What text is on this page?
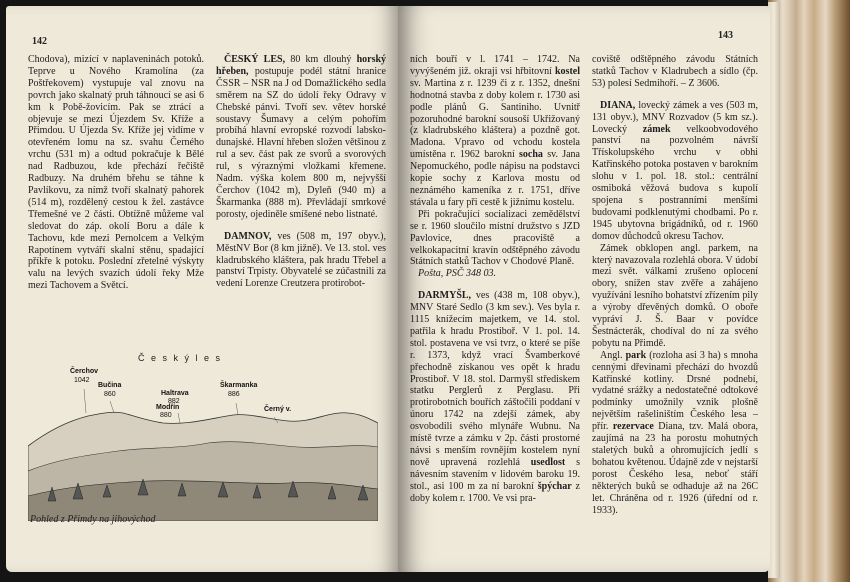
142

Chodova), mizící v naplaveninách potoků. Teprve u Nového Kramolína (za Poštřekovem) vystupuje val znovu na povrch jako skalnatý pruh táhnoucí se asi 6 km k Pobě-žovicím. Pak se ztrácí a objevuje se mezi Újezdem Sv. Kříže a Přimdou. U Újezda Sv. Kříže jej vidíme v otevřeném lomu na sz. svahu Černého vrchu (531 m) a odtud pokračuje k Bělé nad Radbuzou, kde přechází řečiště Radbuzy. Na druhém břehu se táhne k Pavlíkovu, za nímž tvoří skalnatý pahorek (514 m), rozdělený cestou k žel. zastávce Třemešné ve 2 části. Obtížně můžeme val sledovat do záp. okolí Boru a dále k Tachovu, kde mezi Pernolcem a Velkým Rapotínem vytváří skalní stěnu, spadající příkře k potoku. Poslední zřetelné výskyty valu na levých svazích údolí řeky Mže mezi Tachovem a Světcí.

ČESKÝ LES, 80 km dlouhý horský hřeben, postupuje podél státní hranice ČSSR – NSR na J od Domažlického sedla směrem na SZ do údolí řeky Odravy v Chebské pánvi. Tvoří sev. větev horské soustavy Šumavy a celým pohořím probíhá hlavní evropské rozvodí labsko-dunajské. Hlavní hřeben složen většinou z rul a sev. část pak ze svorů a svorových rul, s výraznými vložkami křemene. Nadm. výška kolem 800 m, nejvyšší Čerchov (1042 m), Dyleň (940 m) a Škarmanka (888 m). Převládají smrkové porosty, ojediněle smíšené nebo listnaté.

DAMNOV, ves (508 m, 197 obyv.), MěstNV Bor (8 km jižně). Ve 13. stol. ves kladrubského kláštera, pak hradu Třebel a panství Trpisty. Obyvatelé se zúčastnili za vedení Lorenze Creutzera protirobot-

Č e s k ý l e s
Čerchov
1042
Bučina
860	Haltrava
882
Modřín
880
Škarmanka
886
Černý v.
Pohled z Přimdy na jihovýchod
143

ních bouří v l. 1741 – 1742. Na vyvýšeném již. okraji vsi hřbitovní kostel sv. Martina z r. 1239 či z r. 1352, dnešní hodnotná stavba z doby kolem r. 1730 asi podle plánů G. Santiniho. Uvnitř pozoruhodné barokní sousoší Ukřižovaný (z kladrubského kláštera) a pozdně got. Madona. Vpravo od vchodu kostela umístěna r. 1962 barokní socha sv. Jana Nepomuckého, podle nápisu na podstavci kopie sochy z Karlova mostu od neznámého kameníka z r. 1751, dříve stávala u fary při cestě k jižnímu kostelu.

Při pokračující socializaci zemědělství se r. 1960 sloučilo místní družstvo s JZD Pavlovice, dnes pracoviště a velkokapacitní kravín odštěpného závodu Státních statků Tachov v Chodové Planě.

Pošta, PSČ 348 03.

DARMYŠL, ves (438 m, 108 obyv.), MNV Staré Sedlo (3 km sev.). Ves byla r. 1115 knížecím majetkem, ve 14. stol. patřila k hradu Prostiboř. V 1. pol. 14. stol. postavena ve vsi tvrz, o které se píše r. 1373, když vrací Švamberkové přechodně získanou ves opět k hradu Prostiboř. V 18. stol. Darmyšl střediskem statku Perglerů z Perglasu. Při protirobotních bouřích záštočili poddaní v únoru 1742 na zdejší zámek, aby osvobodili svého mlynáře Wubnu. Na místě tvrze a zámku v 2p. části prostorné návsi s menším rovnějím kostelem nyní nově upravená rozlehlá usedlost s návesním stavením v lidovém baroku 19. stol., asi 100 m za ní barokní špýchar z doby kolem r. 1700. Ve vsi pra-

coviště odštěpného závodu Státních statků Tachov v Kladrubech a sídlo (čp. 53) polesí Sedmihoří. – Z 3606.

DIANA, lovecký zámek a ves (503 m, 131 obyv.), MNV Rozvadov (5 km sz.). Lovecký zámek velkoobvodového panství na pozvolném návrší Třískolupského vrchu v obhi Katřinského potoka postaven v barokním slohu v 1. pol. 18. stol.: centrální osmiboká věžová budova s kupolí spojena s postranními menšími budovami podklenutými chodbami. Po r. 1945 ubytovna brigádníků, od r. 1960 domov důchodců okresu Tachov.

Zámek obklopen angl. parkem, na který navazovala rozlehlá obora. V údobí mezi svět. válkami zrušeno oplocení obory, snížen stav zvěře a zahájeno využívání lesního bohatství zřízením pily a výroby dřevěných domků. O oboře vypráví J. Š. Baar v povídce Šestnácterák, chodíval do ní za svého pobytu na Přimdě.

Angl. park (rozloha asi 3 ha) s mnoha cennými dřevinami přechází do hvozdů Katřinské kotliny. Drsné podnebí, vydatné srážky a nedostatečné odtokové podmínky umožnily vznik plošně největším rašeliništím Českého lesa – přír. rezervace Diana, tzv. Malá obora, zaujímá na 23 ha porostu mohutných staletých buků a ohromujících jedlí s bohatou květenou. Údajně zde v nejstarší porost Českého lesa, neboť stáří některých buků se odhaduje až na 26C let. Chráněna od r. 1926 (úřední od r. 1933).
